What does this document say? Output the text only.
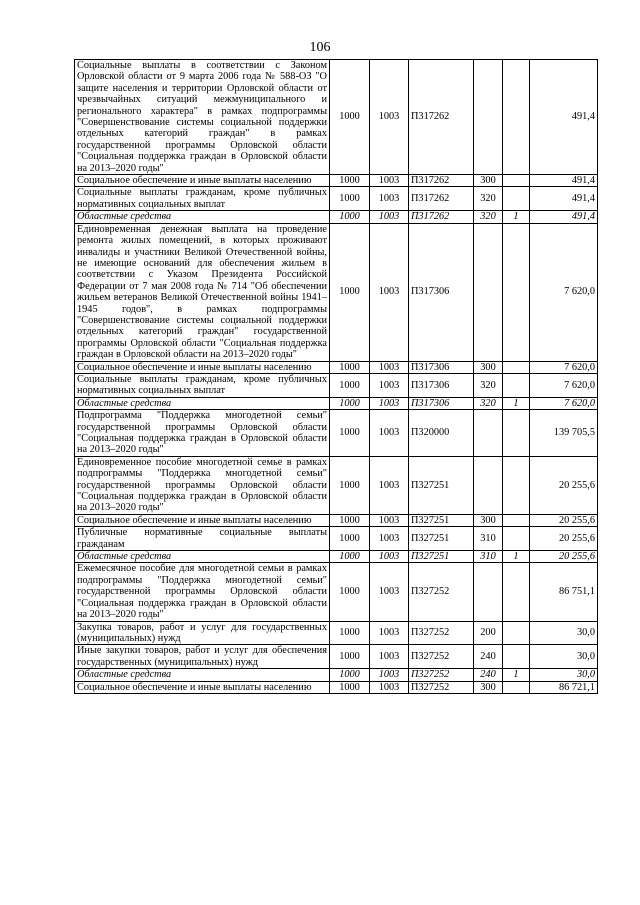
106
Социальные выплаты в соответствии с Законом Орловской области от 9 марта 2006 года № 588-ОЗ "О защите населения и территории Орловской области от чрезвычайных ситуаций межмуниципального и регионального характера" в рамках подпрограммы "Совершенствование системы социальной поддержки отдельных категорий граждан" в рамках государственной программы Орловской области "Социальная поддержка граждан в Орловской области на 2013–2020 годы"	1000	1003	П317262			491,4
Социальное обеспечение и иные выплаты населению	1000	1003	П317262	300		491,4
Социальные выплаты гражданам, кроме публичных нормативных социальных выплат	1000	1003	П317262	320		491,4
Областные средства	1000	1003	П317262	320	1	491,4
Единовременная денежная выплата на проведение ремонта жилых помещений, в которых проживают инвалиды и участники Великой Отечественной войны, не имеющие оснований для обеспечения жильем в соответствии с Указом Президента Российской Федерации от 7 мая 2008 года № 714 "Об обеспечении жильем ветеранов Великой Отечественной войны 1941–1945 годов", в рамках подпрограммы "Совершенствование системы социальной поддержки отдельных категорий граждан" государственной программы Орловской области "Социальная поддержка граждан в Орловской области на 2013–2020 годы"	1000	1003	П317306			7 620,0
Социальное обеспечение и иные выплаты населению	1000	1003	П317306	300		7 620,0
Социальные выплаты гражданам, кроме публичных нормативных социальных выплат	1000	1003	П317306	320		7 620,0
Областные средства	1000	1003	П317306	320	1	7 620,0
Подпрограмма "Поддержка многодетной семьи" государственной программы Орловской области "Социальная поддержка граждан в Орловской области на 2013–2020 годы"	1000	1003	П320000			139 705,5
Единовременное пособие многодетной семье в рамках подпрограммы "Поддержка многодетной семьи" государственной программы Орловской области "Социальная поддержка граждан в Орловской области на 2013–2020 годы"	1000	1003	П327251			20 255,6
Социальное обеспечение и иные выплаты населению	1000	1003	П327251	300		20 255,6
Публичные нормативные социальные выплаты гражданам	1000	1003	П327251	310		20 255,6
Областные средства	1000	1003	П327251	310	1	20 255,6
Ежемесячное пособие для многодетной семьи в рамках подпрограммы "Поддержка многодетной семьи" государственной программы Орловской области "Социальная поддержка граждан в Орловской области на 2013–2020 годы"	1000	1003	П327252			86 751,1
Закупка товаров, работ и услуг для государственных (муниципальных) нужд	1000	1003	П327252	200		30,0
Иные закупки товаров, работ и услуг для обеспечения государственных (муниципальных) нужд	1000	1003	П327252	240		30,0
Областные средства	1000	1003	П327252	240	1	30,0
Социальное обеспечение и иные выплаты населению	1000	1003	П327252	300		86 721,1
